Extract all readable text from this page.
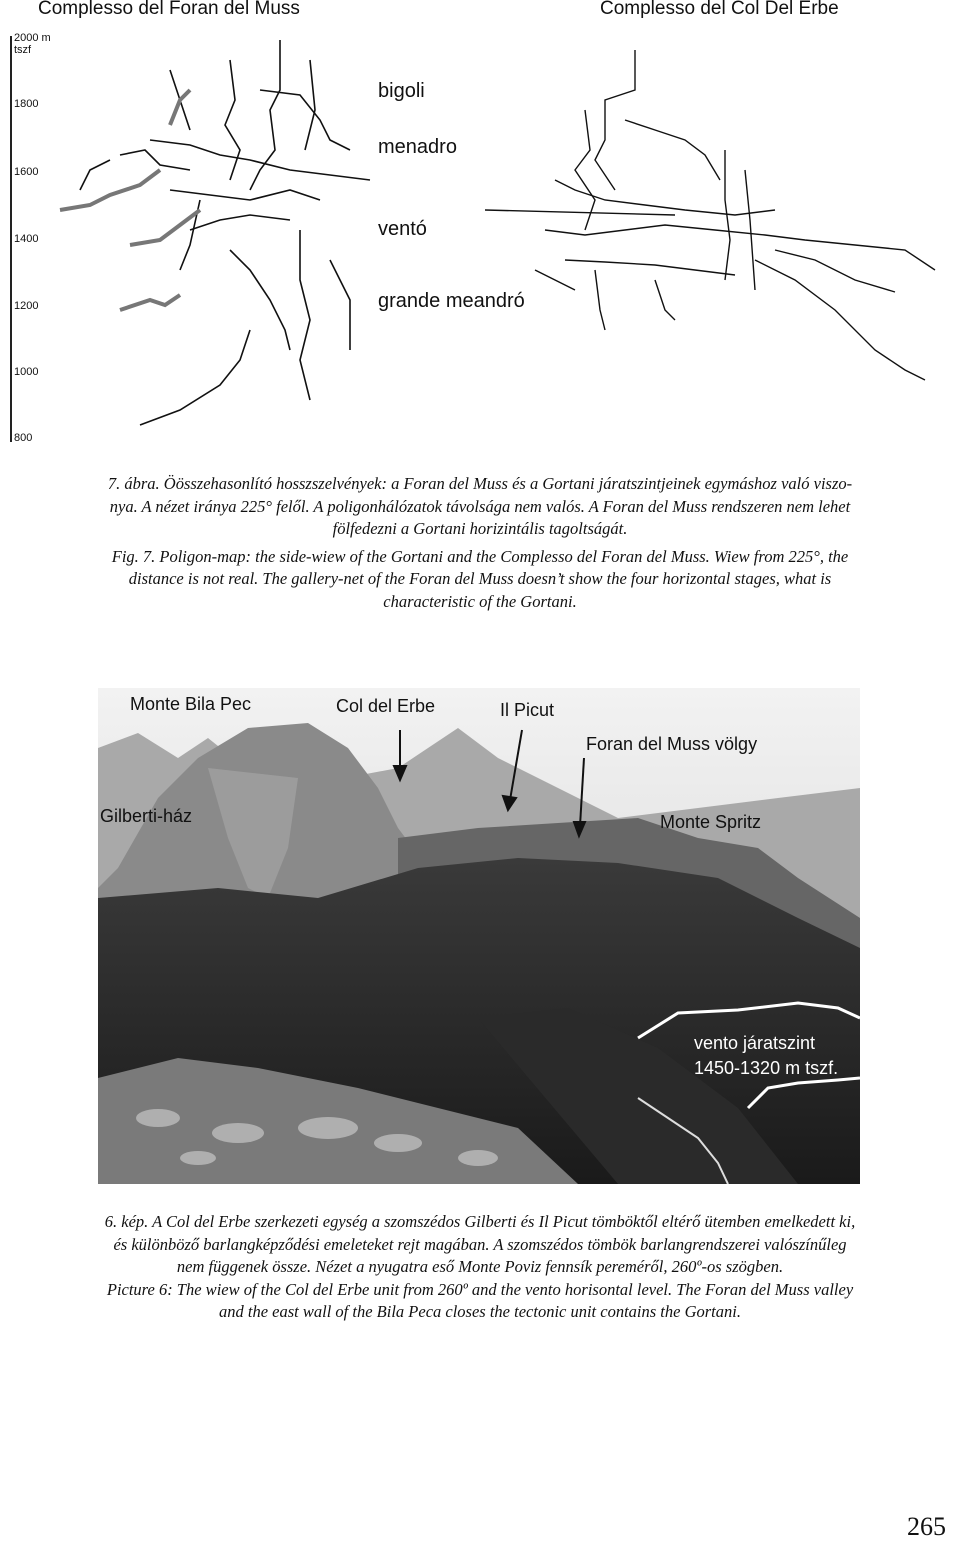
Complesso del Foran del Muss	Complesso del Col Del Erbe
2000 m tszf
1800
1600
1400
1200
1000
800
bigoli
menadro
ventó
grande meandró
7. ábra. Öösszehasonlító hosszszelvények: a Foran del Muss és a Gortani járatszintjeinek egymáshoz való viszo-
nya. A nézet iránya 225° felől. A poligonhálózatok távolsága nem valós. A Foran del Muss rendszeren nem lehet
fölfedezni a Gortani horizintális tagoltságát.
Fig. 7. Poligon-map: the side-wiew of the Gortani and the Complesso del Foran del Muss. Wiew from 225°, the
distance is not real. The gallery-net of the Foran del Muss doesn’t show the four horizontal stages, what is
characteristic of the Gortani.
Monte Bila Pec	Col del Erbe	Il Picut
Foran del Muss völgy
Gilberti-ház	Monte Spritz
vento járatszint
1450-1320 m tszf.
6. kép. A Col del Erbe szerkezeti egység a szomszédos Gilberti és Il Picut tömböktől eltérő ütemben emelkedett ki,
és különböző barlangképződési emeleteket rejt magában. A szomszédos tömbök barlangrendszerei valószínűleg
nem függenek össze. Nézet a nyugatra eső Monte Poviz fennsík pereméről, 260º-os szögben.
Picture 6: The wiew of the Col del Erbe unit from 260º and the vento horisontal level. The Foran del Muss valley
and the east wall of the Bila Peca closes the tectonic unit contains the Gortani.
265
